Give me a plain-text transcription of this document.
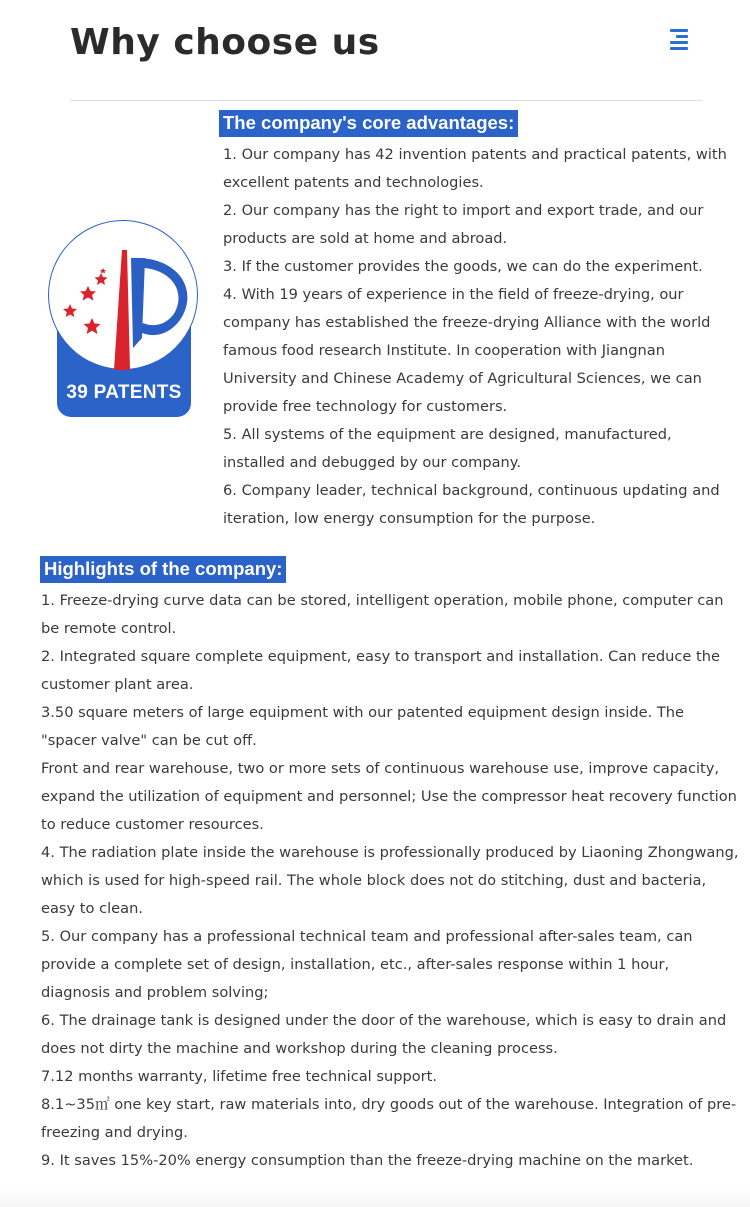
Why choose us
39 PATENTS
The company's core advantages:

1. Our company has 42 invention patents and practical patents, with excellent patents and technologies.

2. Our company has the right to import and export trade, and our products are sold at home and abroad.

3. If the customer provides the goods, we can do the experiment.

4. With 19 years of experience in the field of freeze-drying, our company has established the freeze-drying Alliance with the world famous food research Institute. In cooperation with Jiangnan University and Chinese Academy of Agricultural Sciences, we can provide free technology for customers.

5. All systems of the equipment are designed, manufactured, installed and debugged by our company.

6. Company leader, technical background, continuous updating and iteration, low energy consumption for the purpose.

Highlights of the company:

1. Freeze-drying curve data can be stored, intelligent operation, mobile phone, computer can be remote control.

2. Integrated square complete equipment, easy to transport and installation. Can reduce the customer plant area.

3.50 square meters of large equipment with our patented equipment design inside. The "spacer valve" can be cut off.

Front and rear warehouse, two or more sets of continuous warehouse use, improve capacity, expand the utilization of equipment and personnel; Use the compressor heat recovery function to reduce customer resources.

4. The radiation plate inside the warehouse is professionally produced by Liaoning Zhongwang, which is used for high-speed rail. The whole block does not do stitching, dust and bacteria, easy to clean.

5. Our company has a professional technical team and professional after-sales team, can provide a complete set of design, installation, etc., after-sales response within 1 hour, diagnosis and problem solving;

6. The drainage tank is designed under the door of the warehouse, which is easy to drain and does not dirty the machine and workshop during the cleaning process.

7.12 months warranty, lifetime free technical support.

8.1~35㎡ one key start, raw materials into, dry goods out of the warehouse. Integration of pre-freezing and drying.

9. It saves 15%-20% energy consumption than the freeze-drying machine on the market.
